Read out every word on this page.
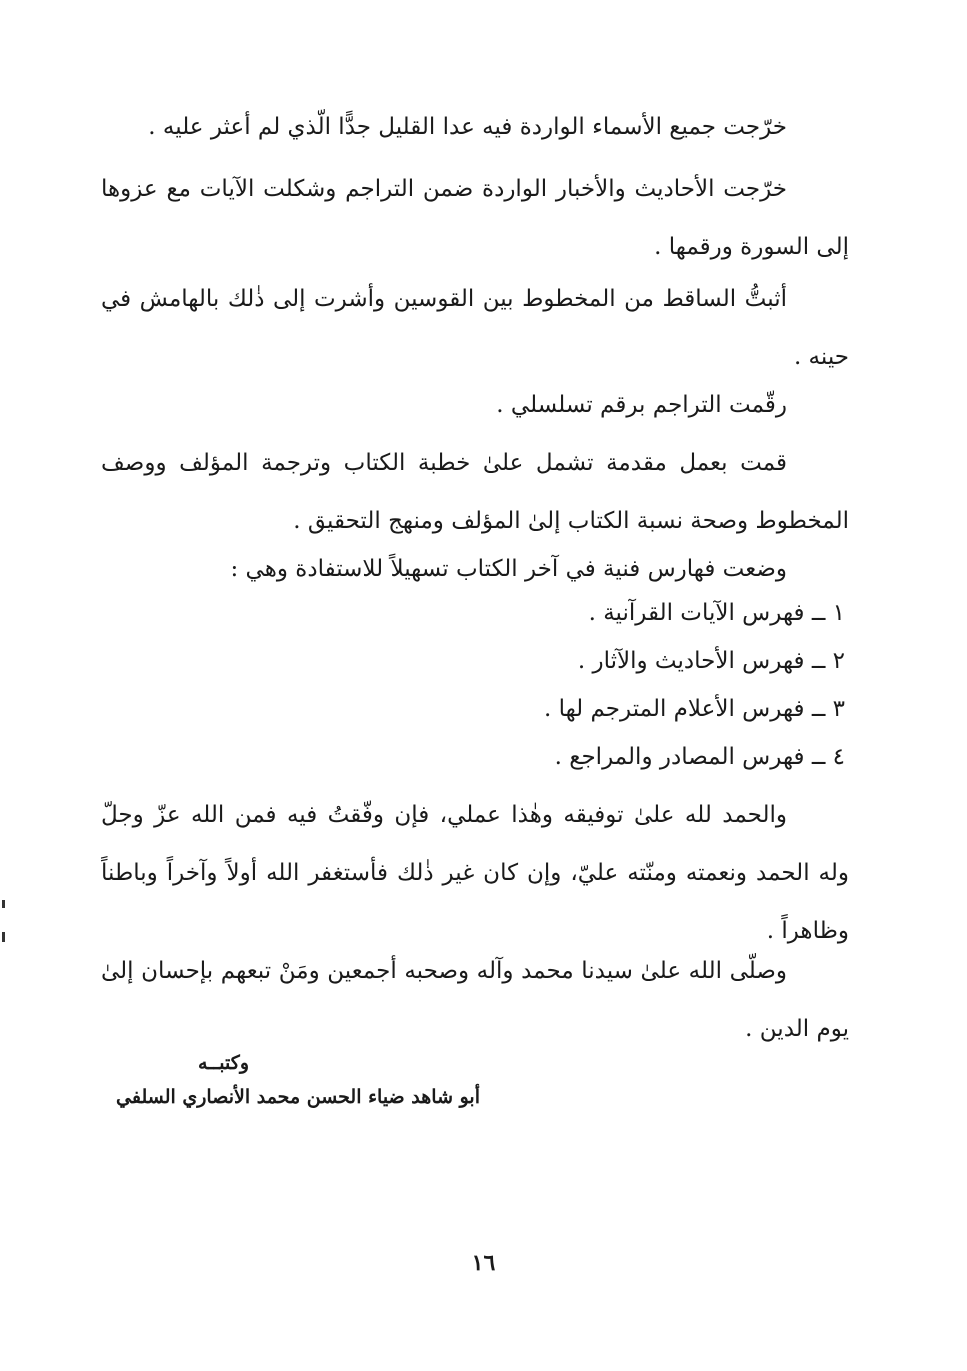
خرّجت جميع الأسماء الواردة فيه عدا القليل جدًّا الّذي لم أعثر عليه .
خرّجت الأحاديث والأخبار الواردة ضمن التراجم وشكلت الآيات مع عزوها إلى السورة ورقمها .
أثبتُّ الساقط من المخطوط بين القوسين وأشرت إلى ذٰلك بالهامش في حينه .
رقّمت التراجم برقم تسلسلي .
قمت بعمل مقدمة تشمل علىٰ خطبة الكتاب وترجمة المؤلف ووصف المخطوط وصحة نسبة الكتاب إلىٰ المؤلف ومنهج التحقيق .
وضعت فهارس فنية في آخر الكتاب تسهيلاً للاستفادة وهي :
١ ــ فهرس الآيات القرآنية .
٢ ــ فهرس الأحاديث والآثار .
٣ ــ فهرس الأعلام المترجم لها .
٤ ــ فهرس المصادر والمراجع .
والحمد لله علىٰ توفيقه وهٰذا عملي، فإن وفّقتُ فيه فمن الله عزّ وجلّ وله الحمد ونعمته ومنّته عليّ، وإن كان غير ذٰلك فأستغفر الله أولاً وآخراً وباطناً وظاهراً .
وصلّى الله علىٰ سيدنا محمد وآله وصحبه أجمعين ومَنْ تبعهم بإحسان إلىٰ يوم الدين .
وكتبــه
أبو شاهد ضياء الحسن محمد الأنصاري السلفي
١٦
